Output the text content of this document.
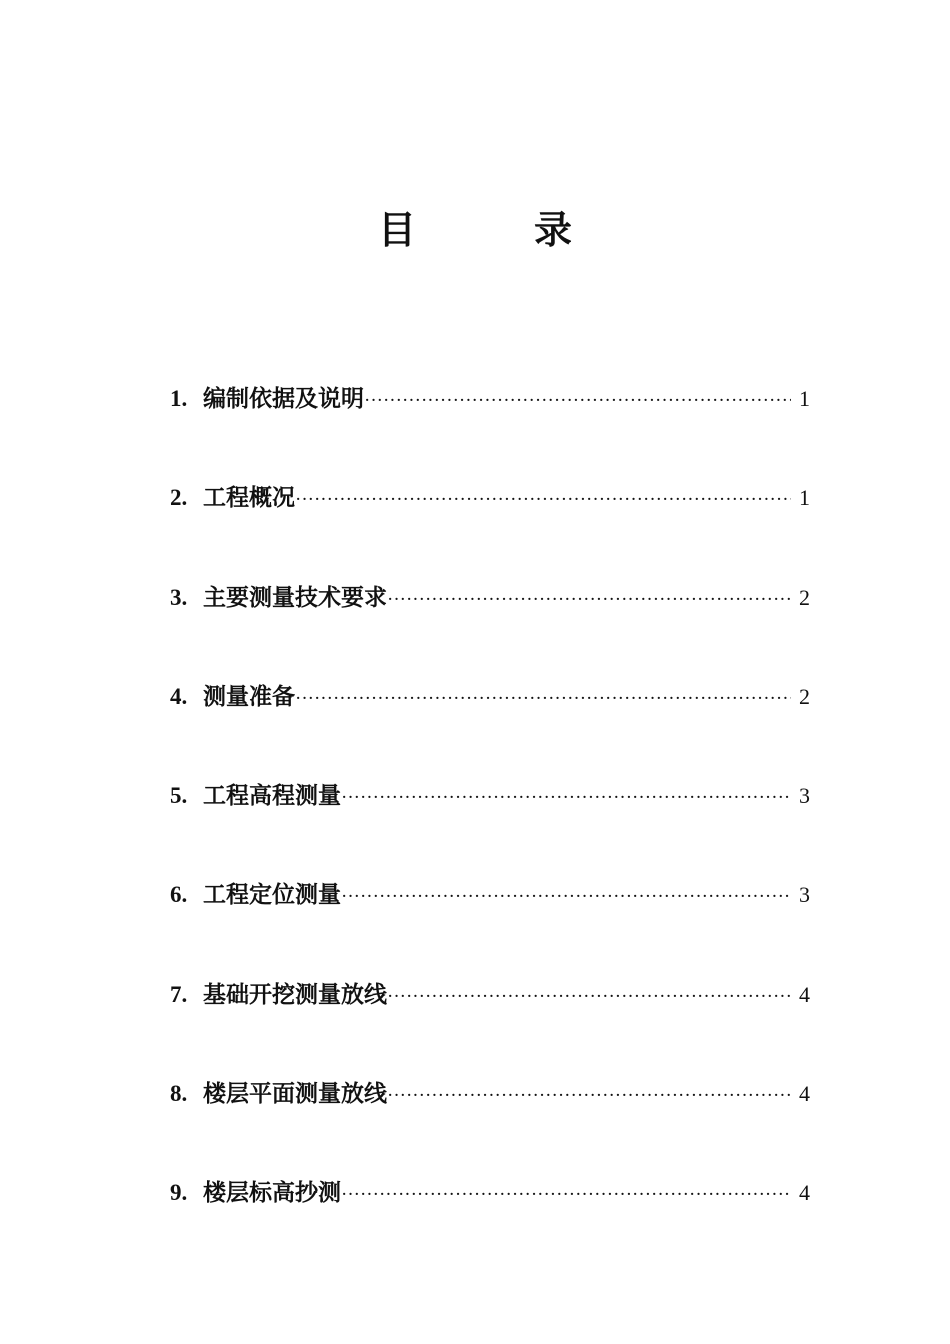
目　录
1. 编制依据及说明 ·····	1
2. 工程概况 ·····	1
3. 主要测量技术要求 ·····	2
4. 测量准备 ·····	2
5. 工程高程测量 ·····	3
6. 工程定位测量 ·····	3
7. 基础开挖测量放线 ·····	4
8. 楼层平面测量放线 ·····	4
9. 楼层标高抄测 ·····	4
